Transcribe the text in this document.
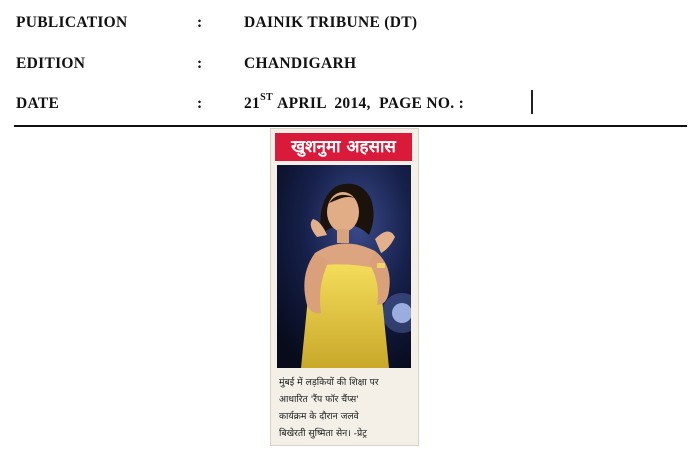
PUBLICATION	:	DAINIK TRIBUNE (DT)
EDITION	:	CHANDIGARH
DATE	:	21ST APRIL  2014,  PAGE NO. :
खुशनुमा अहसास
मुंबई में लड़कियों की शिक्षा पर
आधारित 'रैंप फॉर चैंप्स'
कार्यक्रम के दौरान जलवे
बिखेरती सुष्मिता सेन। -प्रेट्र
